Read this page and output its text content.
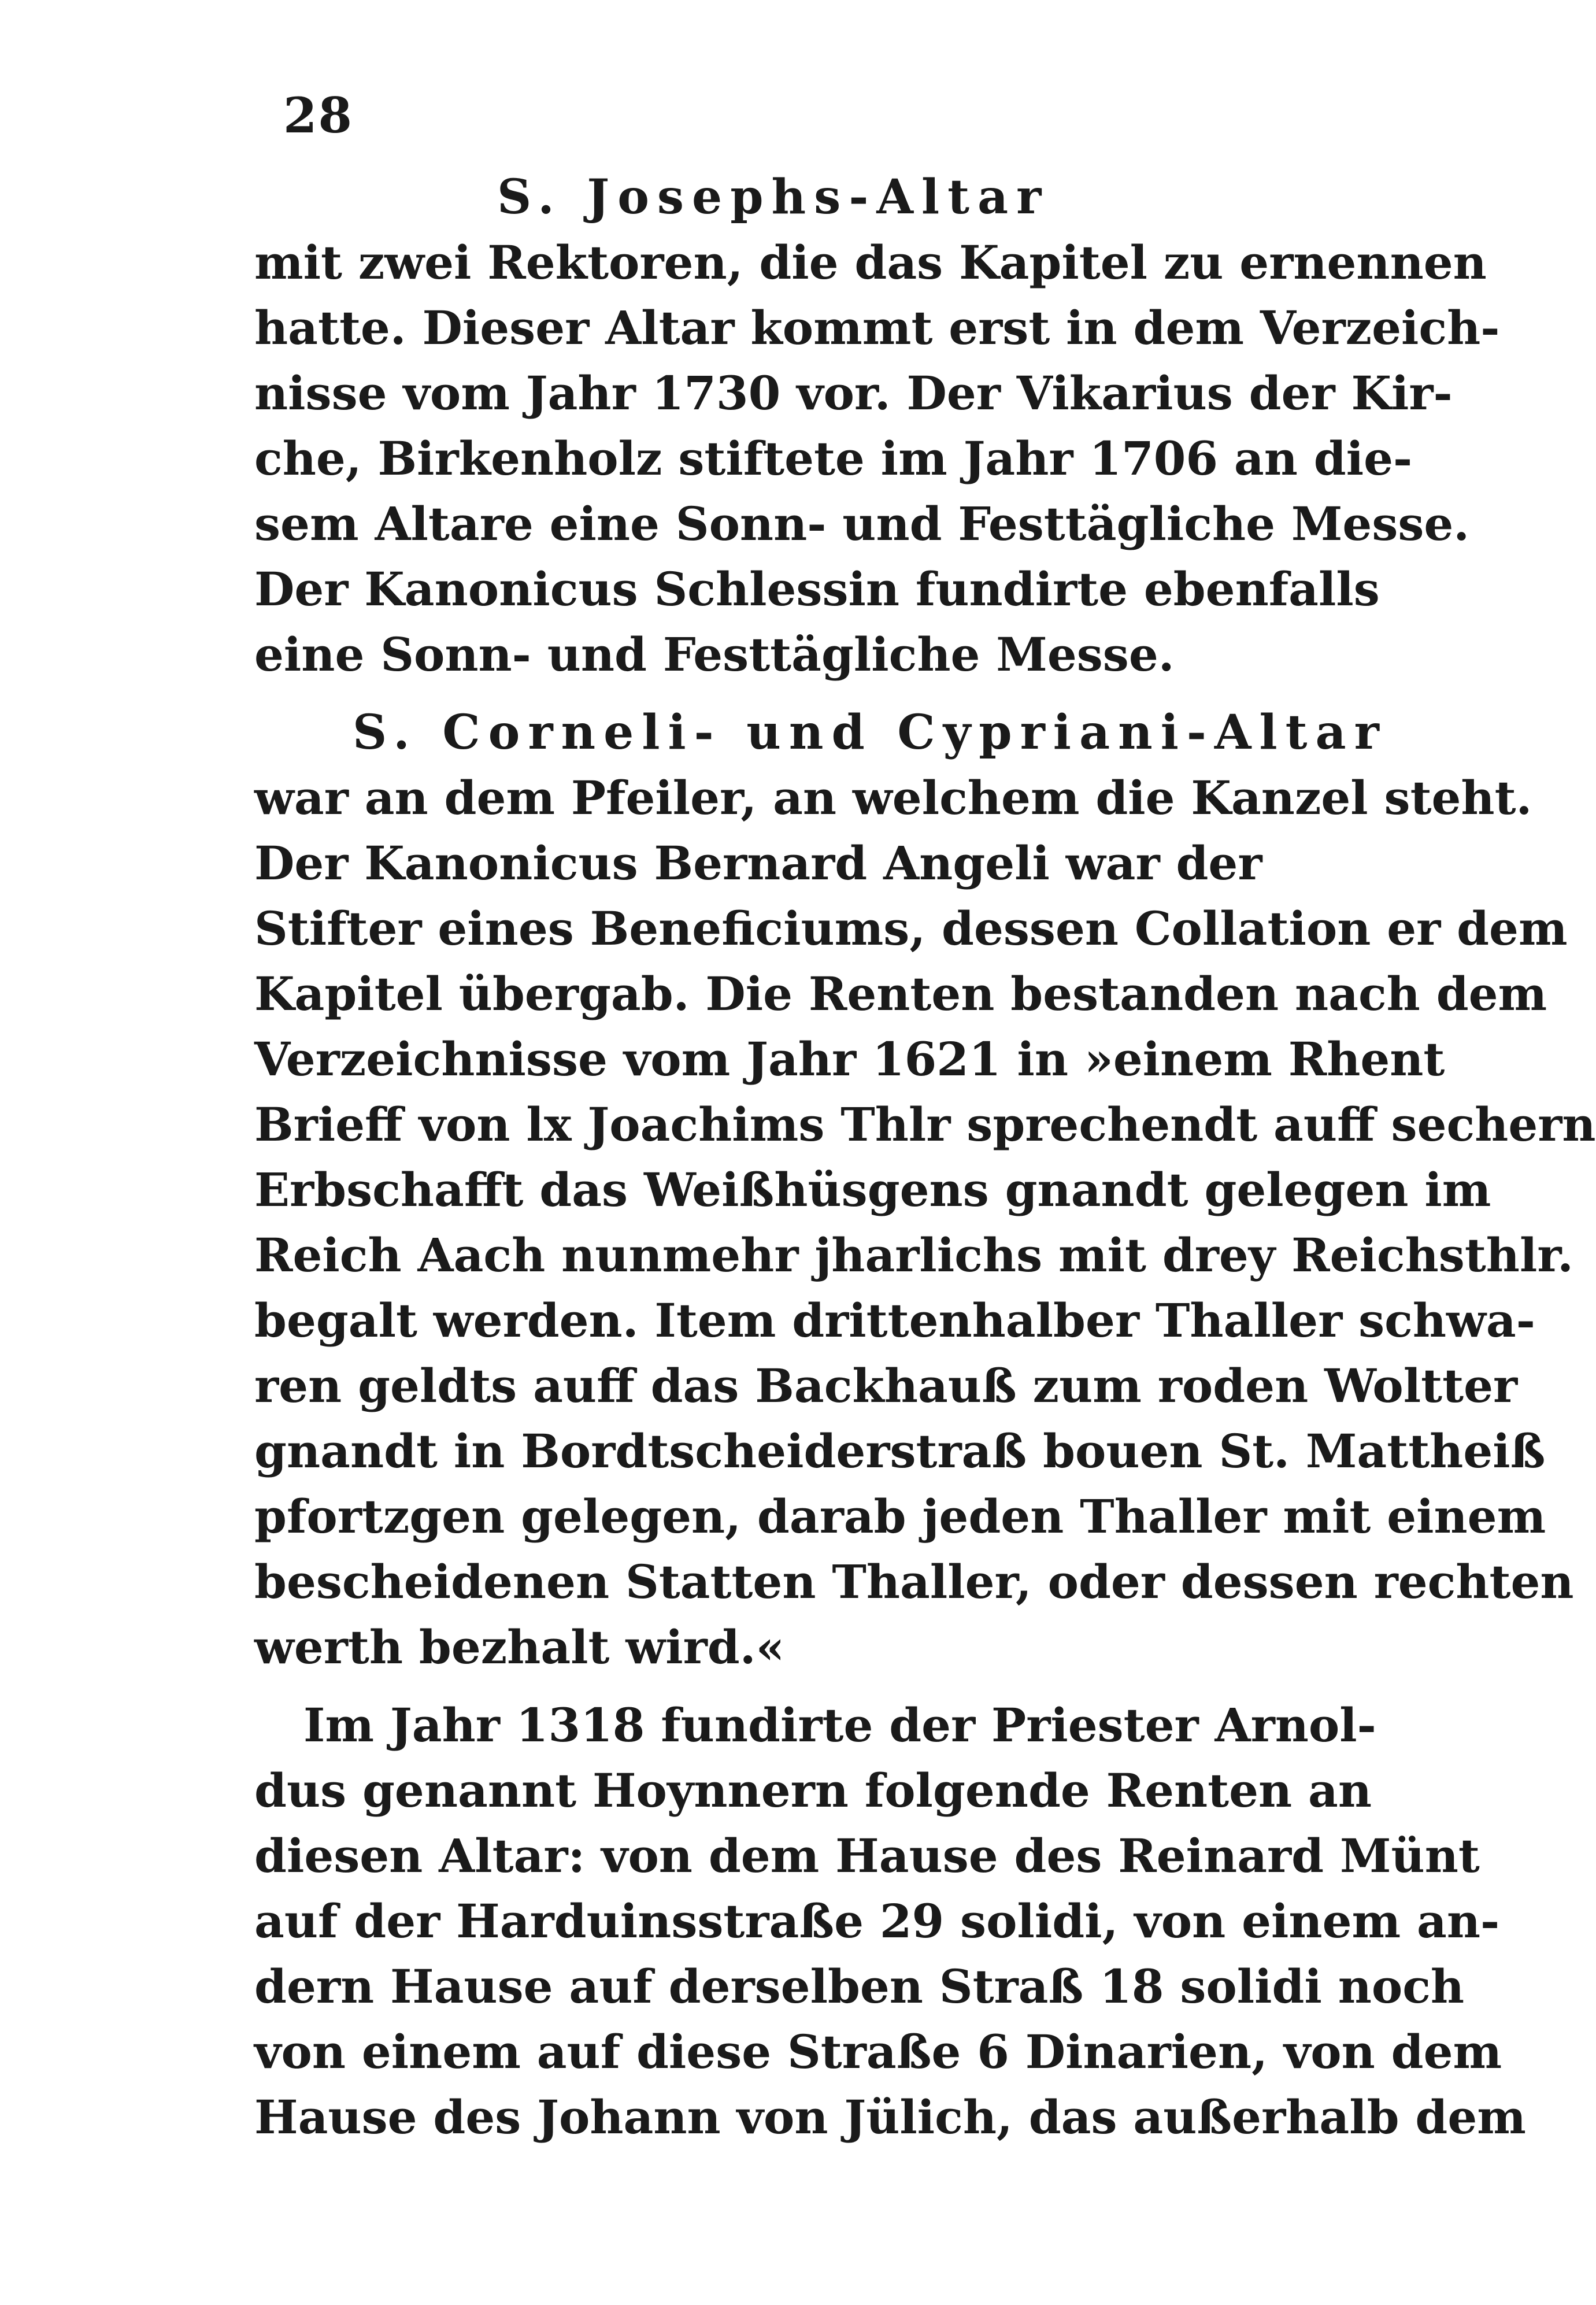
28
S. Josephs-Altar
mit zwei Rektoren, die das Kapitel zu ernennen
hatte. Dieser Altar kommt erst in dem Verzeich-
nisse vom Jahr 1730 vor. Der Vikarius der Kir-
che, Birkenholz stiftete im Jahr 1706 an die-
sem Altare eine Sonn- und Festtägliche Messe.
Der Kanonicus Schlessin fundirte ebenfalls
eine Sonn- und Festtägliche Messe.
S. Corneli- und Cypriani-Altar
war an dem Pfeiler, an welchem die Kanzel steht.
Der Kanonicus Bernard Angeli war der
Stifter eines Beneficiums, dessen Collation er dem
Kapitel übergab. Die Renten bestanden nach dem
Verzeichnisse vom Jahr 1621 in »einem Rhent
Brieff von lx Joachims Thlr sprechendt auff sechern
Erbschafft das Weißhüsgens gnandt gelegen im
Reich Aach nunmehr jharlichs mit drey Reichsthlr.
begalt werden. Item drittenhalber Thaller schwa-
ren geldts auff das Backhauß zum roden Woltter
gnandt in Bordtscheiderstraß bouen St. Mattheiß
pfortzgen gelegen, darab jeden Thaller mit einem
bescheidenen Statten Thaller, oder dessen rechten
werth bezhalt wird.«
Im Jahr 1318 fundirte der Priester Arnol-
dus genannt Hoynnern folgende Renten an
diesen Altar: von dem Hause des Reinard Münt
auf der Harduinsstraße 29 solidi, von einem an-
dern Hause auf derselben Straß 18 solidi noch
von einem auf diese Straße 6 Dinarien, von dem
Hause des Johann von Jülich, das außerhalb dem
